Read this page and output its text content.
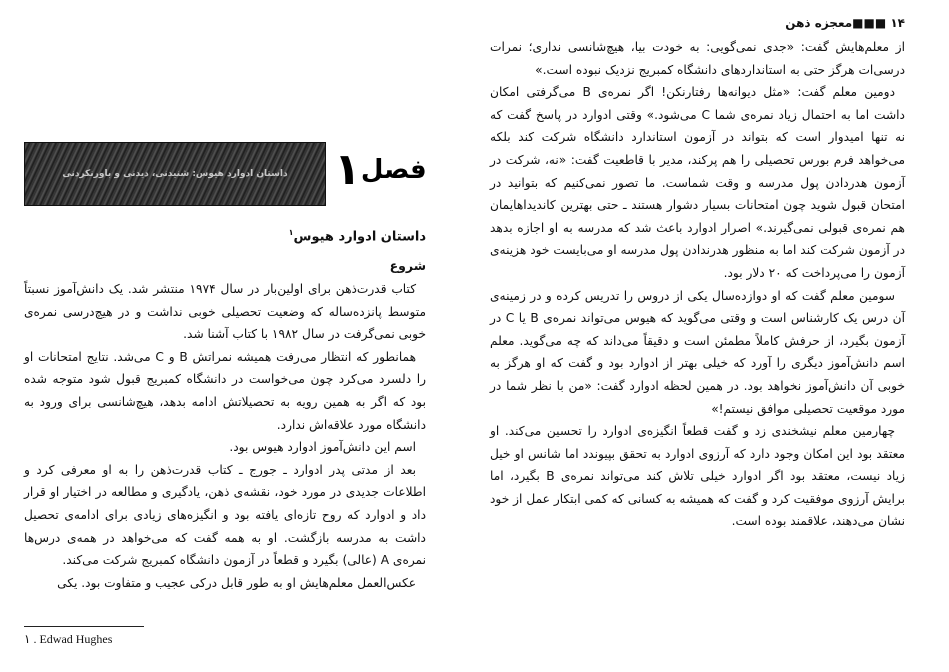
داستان ادوارد هیوس: شنیدنی، دیدنی و باورنکردنی	فصل۱
داستان ادوارد هیوس$^۱$
شروع

کتاب قدرت‌ذهن برای اولین‌بار در سال ۱۹۷۴ منتشر شد. یک دانش‌آموز نسبتاً متوسط پانزده‌ساله که وضعیت تحصیلی خوبی نداشت و در هیچ‌درسی نمره‌ی خوبی نمی‌گرفت در سال ۱۹۸۲ با کتاب آشنا شد.

همانطور که انتظار می‌رفت همیشه نمراتش B و C می‌شد. نتایج امتحانات او را دلسرد می‌کرد چون می‌خواست در دانشگاه کمبریج قبول شود متوجه شده بود که اگر به همین رویه به تحصیلاتش ادامه بدهد، هیچ‌شانسی برای ورود به دانشگاه مورد علاقه‌اش ندارد.

اسم این دانش‌آموز ادوارد هیوس بود.

بعد از مدتی پدر ادوارد ـ جورج ـ کتاب قدرت‌ذهن را به او معرفی کرد و اطلاعات جدیدی در مورد خود، نقشه‌ی ذهن، یادگیری و مطالعه در اختیار او قرار داد و ادوارد که روح تازه‌ای یافته بود و انگیزه‌های زیادی برای ادامه‌ی تحصیل داشت به مدرسه بازگشت. او به همه گفت که می‌خواهد در همه‌ی درس‌ها نمره‌ی A (عالی) بگیرد و قطعاً در آزمون دانشگاه کمبریج شرکت می‌کند.

عکس‌العمل معلم‌هایش او به طور قابل درکی عجیب و متفاوت بود. یکی

۱ . Edwad Hughes
۱۴ ■■■معجزه ذهن

از معلم‌هایش گفت: «جدی نمی‌گویی: به خودت بیا، هیچ‌شانسی نداری؛ نمرات درسی‌ات هرگز حتی به استانداردهای دانشگاه کمبریج نزدیک نبوده است.»

دومین معلم گفت: «مثل دیوانه‌ها رفتارنکن! اگر نمره‌ی B می‌گرفتی امکان داشت اما به احتمال زیاد نمره‌ی شما C می‌شود.» وقتی ادوارد در پاسخ گفت که نه تنها امیدوار است که بتواند در آزمون استاندارد دانشگاه شرکت کند بلکه می‌خواهد فرم بورس تحصیلی را هم پرکند، مدیر با قاطعیت گفت: «نه، شرکت در آزمون هدردادن پول مدرسه و وقت شماست. ما تصور نمی‌کنیم که بتوانید در امتحان قبول شوید چون امتحانات بسیار دشوار هستند ـ حتی بهترین کاندیداهایمان هم نمره‌ی قبولی نمی‌گیرند.» اصرار ادوارد باعث شد که مدرسه به او اجازه بدهد در آزمون شرکت کند اما به منظور هدرندادن پول مدرسه او می‌بایست خود هزینه‌ی آزمون را می‌پرداخت که ۲۰ دلار بود.

سومین معلم گفت که او دوازده‌سال یکی از دروس را تدریس کرده و در زمینه‌ی آن درس یک کارشناس است و وقتی می‌گوید که هیوس می‌تواند نمره‌ی B یا C در آزمون بگیرد، از حرفش کاملاً مطمئن است و دقیقاً می‌داند که چه می‌گوید. معلم اسم دانش‌آموز دیگری را آورد که خیلی بهتر از ادوارد بود و گفت که او هرگز به خوبی آن دانش‌آموز نخواهد بود. در همین لحظه ادوارد گفت: «من با نظر شما در مورد موقعیت تحصیلی موافق نیستم!»

چهارمین معلم نیشخندی زد و گفت قطعاً انگیزه‌ی ادوارد را تحسین می‌کند. او معتقد بود این امکان وجود دارد که آرزوی ادوارد به تحقق بپیوندد اما شانس او خیل زیاد نیست، معتقد بود اگر ادوارد خیلی تلاش کند می‌تواند نمره‌ی B بگیرد، اما برایش آرزوی موفقیت کرد و گفت که همیشه به کسانی که کمی ابتکار عمل از خود نشان می‌دهند، علاقمند بوده است.
